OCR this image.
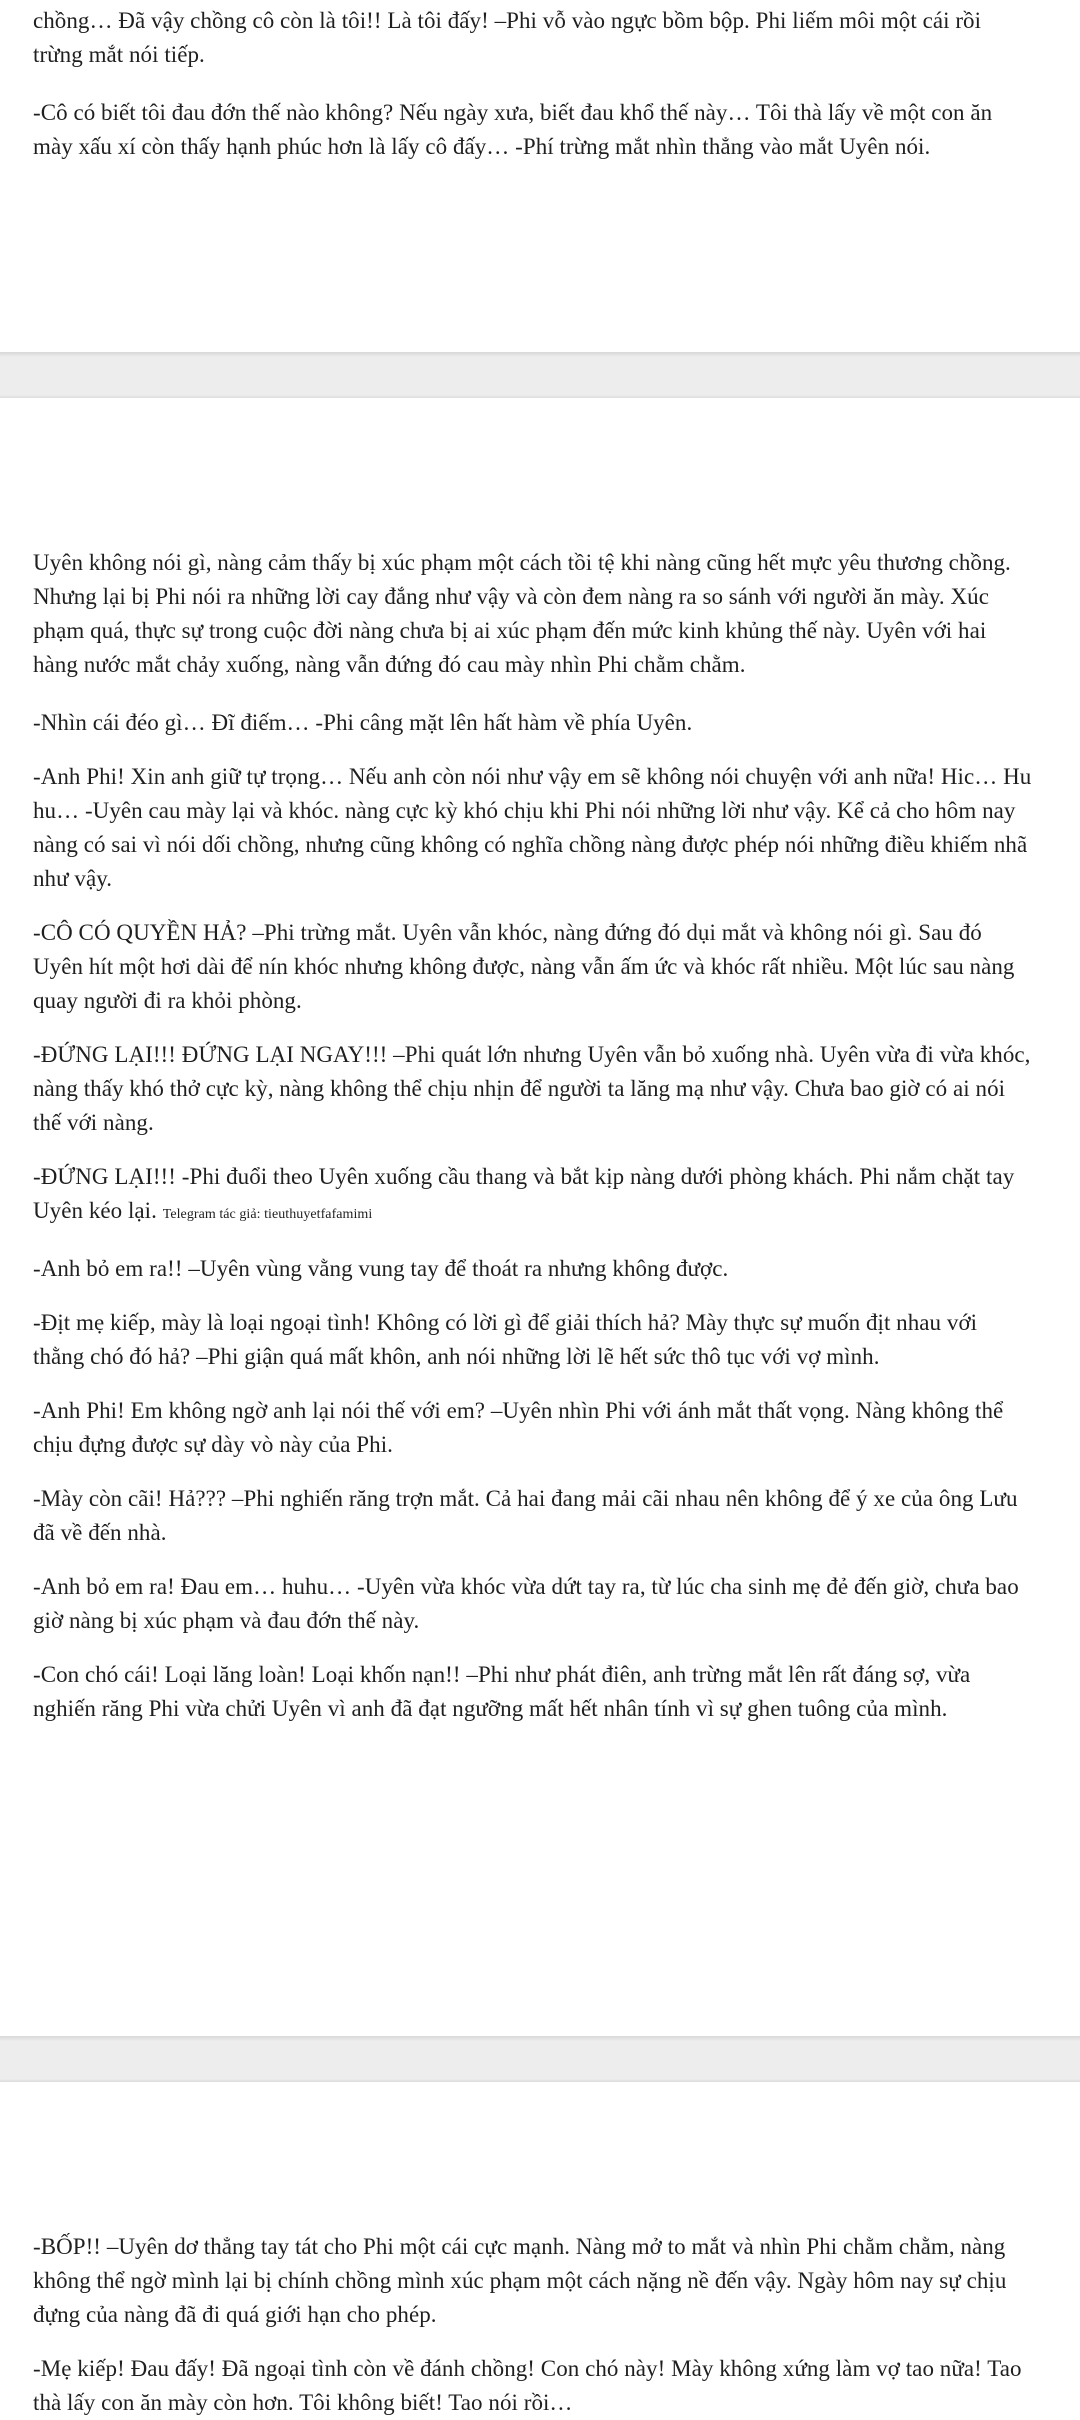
chồng… Đã vậy chồng cô còn là tôi!! Là tôi đấy! –Phi vỗ vào ngực bồm bộp. Phi liếm môi một cái rồi trừng mắt nói tiếp.

-Cô có biết tôi đau đớn thế nào không? Nếu ngày xưa, biết đau khổ thế này… Tôi thà lấy về một con ăn mày xấu xí còn thấy hạnh phúc hơn là lấy cô đấy… -Phí trừng mắt nhìn thẳng vào mắt Uyên nói.

Uyên không nói gì, nàng cảm thấy bị xúc phạm một cách tồi tệ khi nàng cũng hết mực yêu thương chồng. Nhưng lại bị Phi nói ra những lời cay đắng như vậy và còn đem nàng ra so sánh với người ăn mày. Xúc phạm quá, thực sự trong cuộc đời nàng chưa bị ai xúc phạm đến mức kinh khủng thế này. Uyên với hai hàng nước mắt chảy xuống, nàng vẫn đứng đó cau mày nhìn Phi chằm chằm.

-Nhìn cái đéo gì… Đĩ điếm… -Phi câng mặt lên hất hàm về phía Uyên.

-Anh Phi! Xin anh giữ tự trọng… Nếu anh còn nói như vậy em sẽ không nói chuyện với anh nữa! Hic… Hu hu… -Uyên cau mày lại và khóc. nàng cực kỳ khó chịu khi Phi nói những lời như vậy. Kể cả cho hôm nay nàng có sai vì nói dối chồng, nhưng cũng không có nghĩa chồng nàng được phép nói những điều khiếm nhã như vậy.

-CÔ CÓ QUYỀN HẢ? –Phi trừng mắt. Uyên vẫn khóc, nàng đứng đó dụi mắt và không nói gì. Sau đó Uyên hít một hơi dài để nín khóc nhưng không được, nàng vẫn ấm ức và khóc rất nhiều. Một lúc sau nàng quay người đi ra khỏi phòng.

-ĐỨNG LẠI!!! ĐỨNG LẠI NGAY!!! –Phi quát lớn nhưng Uyên vẫn bỏ xuống nhà. Uyên vừa đi vừa khóc, nàng thấy khó thở cực kỳ, nàng không thể chịu nhịn để người ta lăng mạ như vậy. Chưa bao giờ có ai nói thế với nàng.

-ĐỨNG LẠI!!! -Phi đuổi theo Uyên xuống cầu thang và bắt kịp nàng dưới phòng khách. Phi nắm chặt tay Uyên kéo lại. Telegram tác giả: tieuthuyetfafamimi

-Anh bỏ em ra!! –Uyên vùng vằng vung tay để thoát ra nhưng không được.

-Địt mẹ kiếp, mày là loại ngoại tình! Không có lời gì để giải thích hả? Mày thực sự muốn địt nhau với thằng chó đó hả? –Phi giận quá mất khôn, anh nói những lời lẽ hết sức thô tục với vợ mình.

-Anh Phi! Em không ngờ anh lại nói thế với em? –Uyên nhìn Phi với ánh mắt thất vọng. Nàng không thể chịu đựng được sự dày vò này của Phi.

-Mày còn cãi! Hả??? –Phi nghiến răng trợn mắt. Cả hai đang mải cãi nhau nên không để ý xe của ông Lưu đã về đến nhà.

-Anh bỏ em ra! Đau em… huhu… -Uyên vừa khóc vừa dứt tay ra, từ lúc cha sinh mẹ đẻ đến giờ, chưa bao giờ nàng bị xúc phạm và đau đớn thế này.

-Con chó cái! Loại lăng loàn! Loại khốn nạn!! –Phi như phát điên, anh trừng mắt lên rất đáng sợ, vừa nghiến răng Phi vừa chửi Uyên vì anh đã đạt ngưỡng mất hết nhân tính vì sự ghen tuông của mình.

-BỐP!! –Uyên dơ thẳng tay tát cho Phi một cái cực mạnh. Nàng mở to mắt và nhìn Phi chằm chằm, nàng không thể ngờ mình lại bị chính chồng mình xúc phạm một cách nặng nề đến vậy. Ngày hôm nay sự chịu đựng của nàng đã đi quá giới hạn cho phép.

-Mẹ kiếp! Đau đấy! Đã ngoại tình còn về đánh chồng! Con chó này! Mày không xứng làm vợ tao nữa! Tao thà lấy con ăn mày còn hơn. Tôi không biết! Tao nói rồi…
